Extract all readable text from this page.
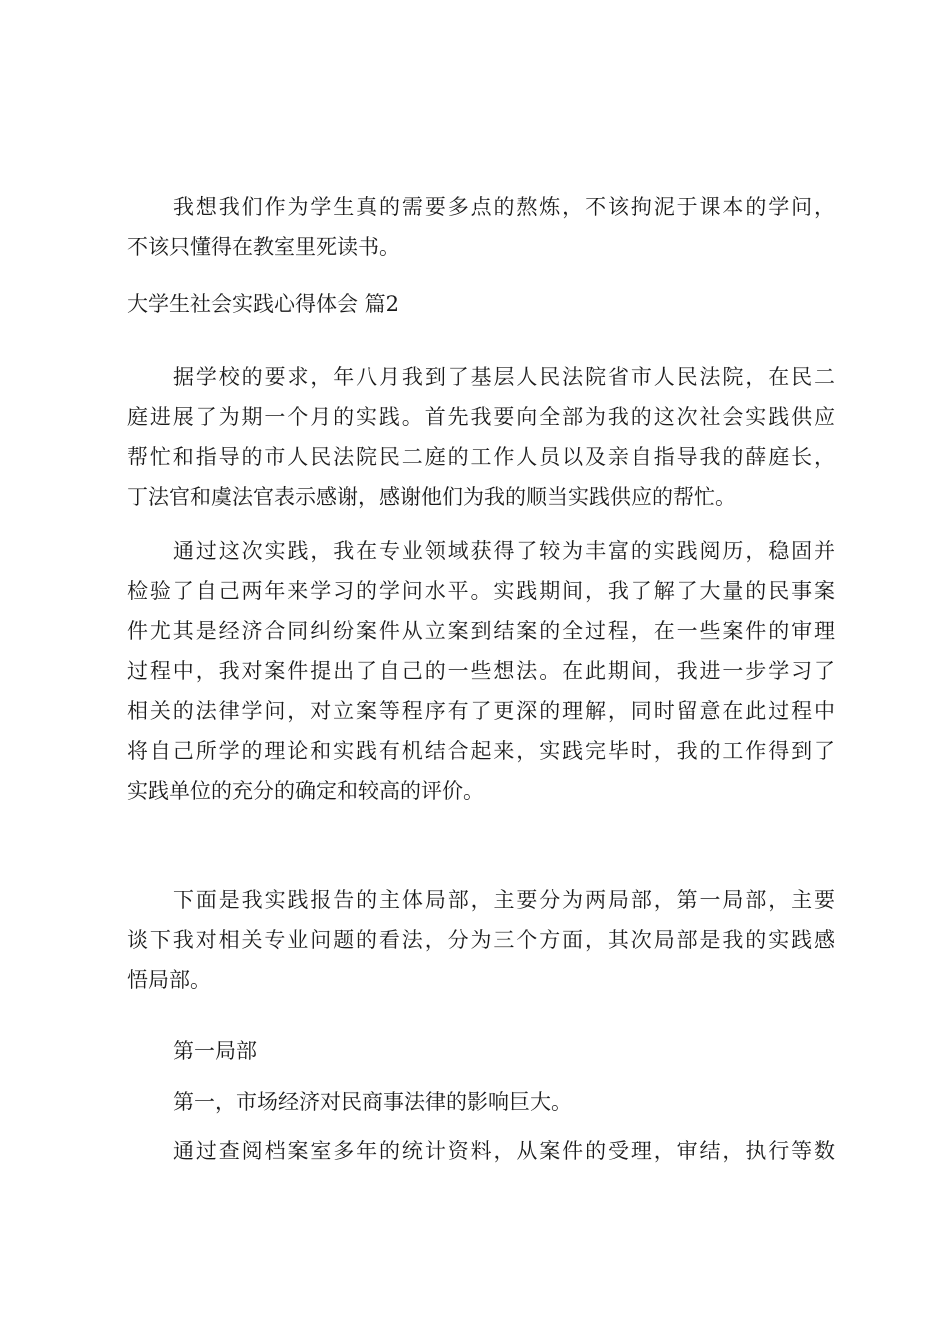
我想我们作为学生真的需要多点的熬炼，不该拘泥于课本的学问，
不该只懂得在教室里死读书。
大学生社会实践心得体会 篇2
据学校的要求，年八月我到了基层人民法院省市人民法院，在民二
庭进展了为期一个月的实践。首先我要向全部为我的这次社会实践供应
帮忙和指导的市人民法院民二庭的工作人员以及亲自指导我的薛庭长，
丁法官和虞法官表示感谢，感谢他们为我的顺当实践供应的帮忙。
通过这次实践，我在专业领域获得了较为丰富的实践阅历，稳固并
检验了自己两年来学习的学问水平。实践期间，我了解了大量的民事案
件尤其是经济合同纠纷案件从立案到结案的全过程，在一些案件的审理
过程中，我对案件提出了自己的一些想法。在此期间，我进一步学习了
相关的法律学问，对立案等程序有了更深的理解，同时留意在此过程中
将自己所学的理论和实践有机结合起来，实践完毕时，我的工作得到了
实践单位的充分的确定和较高的评价。
下面是我实践报告的主体局部，主要分为两局部，第一局部，主要
谈下我对相关专业问题的看法，分为三个方面，其次局部是我的实践感
悟局部。
第一局部
第一，市场经济对民商事法律的影响巨大。
通过查阅档案室多年的统计资料，从案件的受理，审结，执行等数
